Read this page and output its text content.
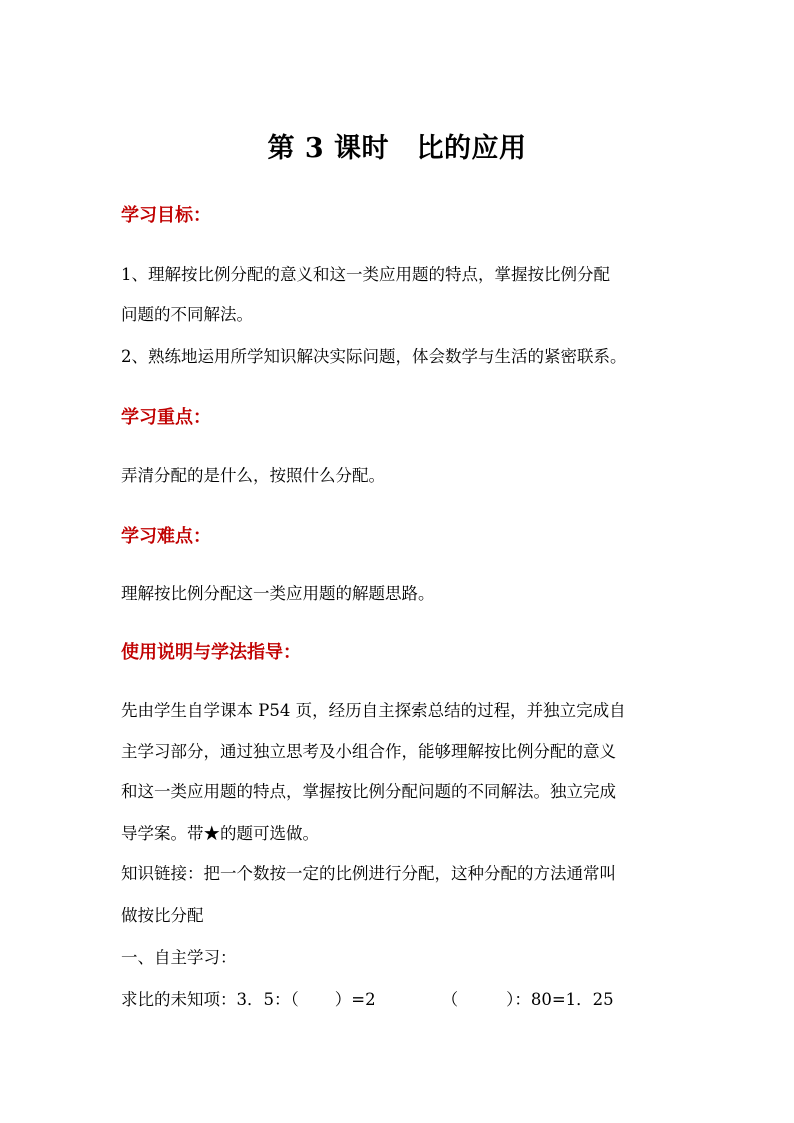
第 3 课时　比的应用
学习目标：
1、理解按比例分配的意义和这一类应用题的特点，掌握按比例分配
问题的不同解法。
2、熟练地运用所学知识解决实际问题，体会数学与生活的紧密联系。
学习重点：
弄清分配的是什么，按照什么分配。
学习难点：
理解按比例分配这一类应用题的解题思路。
使用说明与学法指导：
先由学生自学课本 P54 页，经历自主探索总结的过程，并独立完成自
主学习部分，通过独立思考及小组合作，能够理解按比例分配的意义
和这一类应用题的特点，掌握按比例分配问题的不同解法。独立完成
导学案。带★的题可选做。
知识链接：把一个数按一定的比例进行分配，这种分配的方法通常叫
做按比分配
一、自主学习：
求比的未知项：3．5：（ ）=2	（	）：80=1．25
